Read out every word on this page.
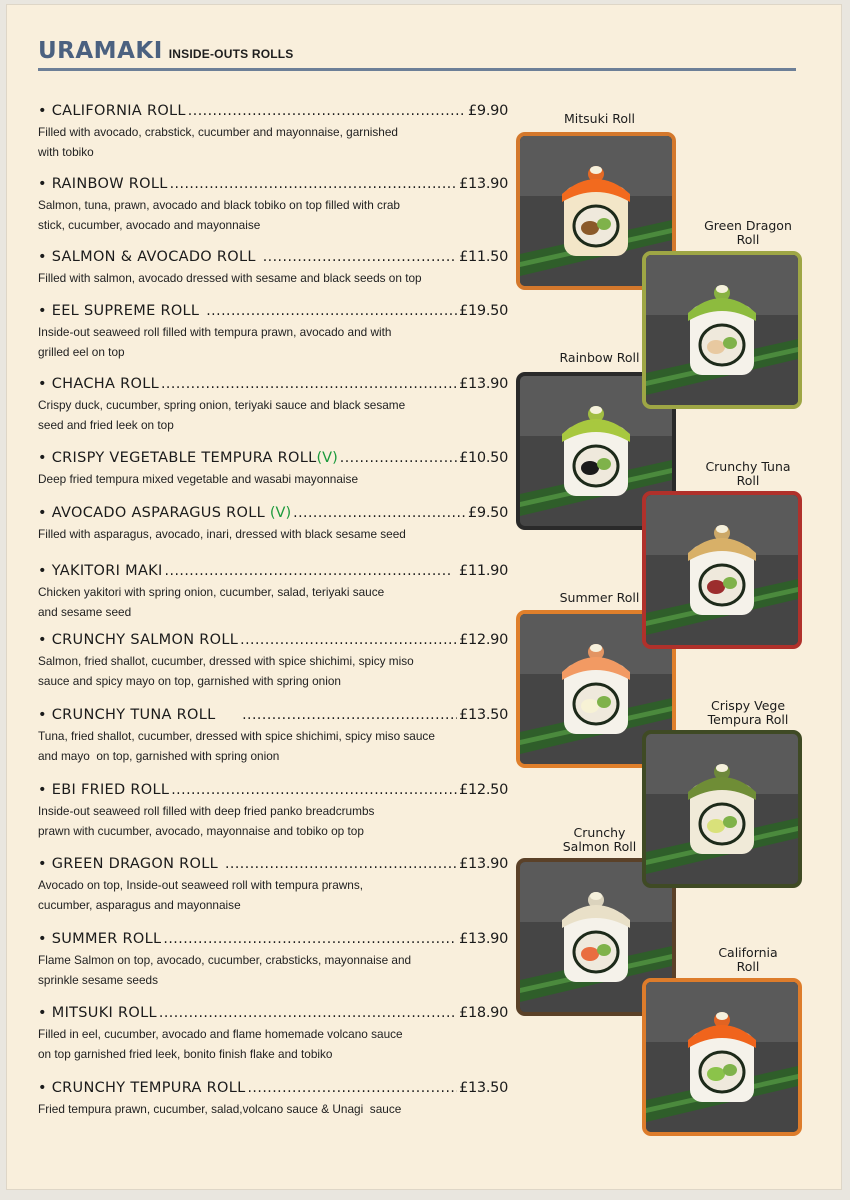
URAMAKI INSIDE-OUTS ROLLS
• CALIFORNIA ROLL .....	£9.90
Filled with avocado, crabstick, cucumber and mayonnaise, garnished
with tobiko
• RAINBOW ROLL .....	£13.90
Salmon, tuna, prawn, avocado and black tobiko on top filled with crab
stick, cucumber, avocado and mayonnaise
• SALMON & AVOCADO ROLL .....	£11.50
Filled with salmon, avocado dressed with sesame and black seeds on top
• EEL SUPREME ROLL .....	£19.50
Inside-out seaweed roll filled with tempura prawn, avocado and with
grilled eel on top
• CHACHA ROLL .....	£13.90
Crispy duck, cucumber, spring onion, teriyaki sauce and black sesame
seed and fried leek on top
• CRISPY VEGETABLE TEMPURA ROLL (V) .....	£10.50
Deep fried tempura mixed vegetable and wasabi mayonnaise
• AVOCADO ASPARAGUS ROLL (V) .....	£9.50
Filled with asparagus, avocado, inari, dressed with black sesame seed
• YAKITORI MAKI .....	£11.90
Chicken yakitori with spring onion, cucumber, salad, teriyaki sauce
and sesame seed
• CRUNCHY SALMON ROLL .....	£12.90
Salmon, fried shallot, cucumber, dressed with spice shichimi, spicy miso
sauce and spicy mayo on top, garnished with spring onion
• CRUNCHY TUNA ROLL .....	£13.50
Tuna, fried shallot, cucumber, dressed with spice shichimi, spicy miso sauce
and mayo  on top, garnished with spring onion
• EBI FRIED ROLL .....	£12.50
Inside-out seaweed roll filled with deep fried panko breadcrumbs
prawn with cucumber, avocado, mayonnaise and tobiko op top
• GREEN DRAGON ROLL .....	£13.90
Avocado on top, Inside-out seaweed roll with tempura prawns,
cucumber, asparagus and mayonnaise
• SUMMER ROLL .....	£13.90
Flame Salmon on top, avocado, cucumber, crabsticks, mayonnaise and
sprinkle sesame seeds
• MITSUKI ROLL .....	£18.90
Filled in eel, cucumber, avocado and flame homemade volcano sauce
on top garnished fried leek, bonito finish flake and tobiko
• CRUNCHY TEMPURA ROLL .....	£13.50
Fried tempura prawn, cucumber, salad,volcano sauce & Unagi  sauce
Mitsuki Roll
Green Dragon
Roll
Rainbow Roll
Crunchy Tuna
Roll
Summer Roll
Crispy Vege
Tempura Roll
Crunchy
Salmon Roll
California
Roll
